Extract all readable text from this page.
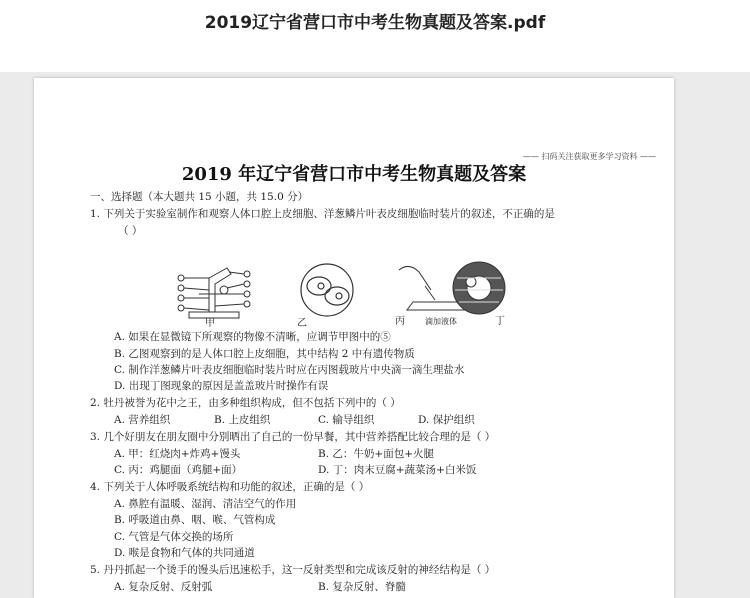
2019辽宁省营口市中考生物真题及答案.pdf
—— 扫码关注获取更多学习资料 ——
2019 年辽宁省营口市中考生物真题及答案
一、选择题（本大题共 15 小题，共 15.0 分）
1. 下列关于实验室制作和观察人体口腔上皮细胞、洋葱鳞片叶表皮细胞临时装片的叙述，不正确的是
（ ）
甲	乙	丙	滴加液体	丁
A. 如果在显微镜下所观察的物像不清晰，应调节甲图中的⑤
B. 乙图观察到的是人体口腔上皮细胞，其中结构 2 中有遗传物质
C. 制作洋葱鳞片叶表皮细胞临时装片时应在丙图载玻片中央滴一滴生理盐水
D. 出现丁图现象的原因是盖盖玻片时操作有误
2. 牡丹被誉为花中之王，由多种组织构成，但不包括下列中的（ ）
A. 营养组织	B. 上皮组织	C. 输导组织	D. 保护组织
3. 几个好朋友在朋友圈中分别晒出了自己的一份早餐，其中营养搭配比较合理的是（ ）
A. 甲：红烧肉+炸鸡+馒头	B. 乙：牛奶+面包+火腿
C. 丙：鸡腿面（鸡腿+面）	D. 丁：肉末豆腐+蔬菜汤+白米饭
4. 下列关于人体呼吸系统结构和功能的叙述，正确的是（ ）
A. 鼻腔有温暖、湿润、清洁空气的作用
B. 呼吸道由鼻、咽、喉、气管构成
C. 气管是气体交换的场所
D. 喉是食物和气体的共同通道
5. 丹丹抓起一个烫手的馒头后迅速松手，这一反射类型和完成该反射的神经结构是（ ）
A. 复杂反射、反射弧	B. 复杂反射、脊髓
